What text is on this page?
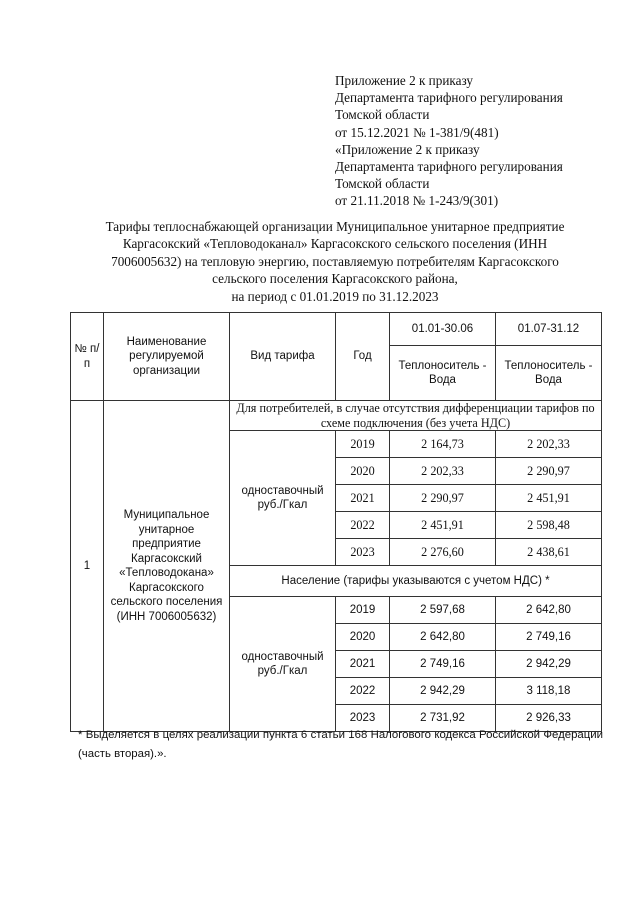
Приложение 2 к приказу
Департамента тарифного регулирования
Томской области
от 15.12.2021 № 1-381/9(481)
«Приложение 2 к приказу
Департамента тарифного регулирования
Томской области
от 21.11.2018 № 1-243/9(301)
Тарифы теплоснабжающей организации Муниципальное унитарное предприятие
Каргасокский «Тепловодоканал» Каргасокского сельского поселения (ИНН
7006005632) на тепловую энергию, поставляемую потребителям Каргасокского
сельского поселения Каргасокского района,
на период с 01.01.2019 по 31.12.2023
№ п/п	Наименование регулируемой организации	Вид тарифа	Год	01.01-30.06	01.07-31.12
				Теплоноситель - Вода	Теплоноситель - Вода
1	Муниципальное унитарное предприятие Каргасокский «Тепловодокана» Каргасокского сельского поселения (ИНН 7006005632)	Для потребителей, в случае отсутствия дифференциации тарифов по схеме подключения (без учета НДС)			
		одноставочный руб./Гкал	2019	2 164,73	2 202,33
			2020	2 202,33	2 290,97
			2021	2 290,97	2 451,91
			2022	2 451,91	2 598,48
			2023	2 276,60	2 438,61
		Население (тарифы указываются с учетом НДС) *			
		одноставочный руб./Гкал	2019	2 597,68	2 642,80
			2020	2 642,80	2 749,16
			2021	2 749,16	2 942,29
			2022	2 942,29	3 118,18
			2023	2 731,92	2 926,33
* Выделяется в целях реализации пункта 6 статьи 168 Налогового кодекса Российской Федерации (часть вторая).».
